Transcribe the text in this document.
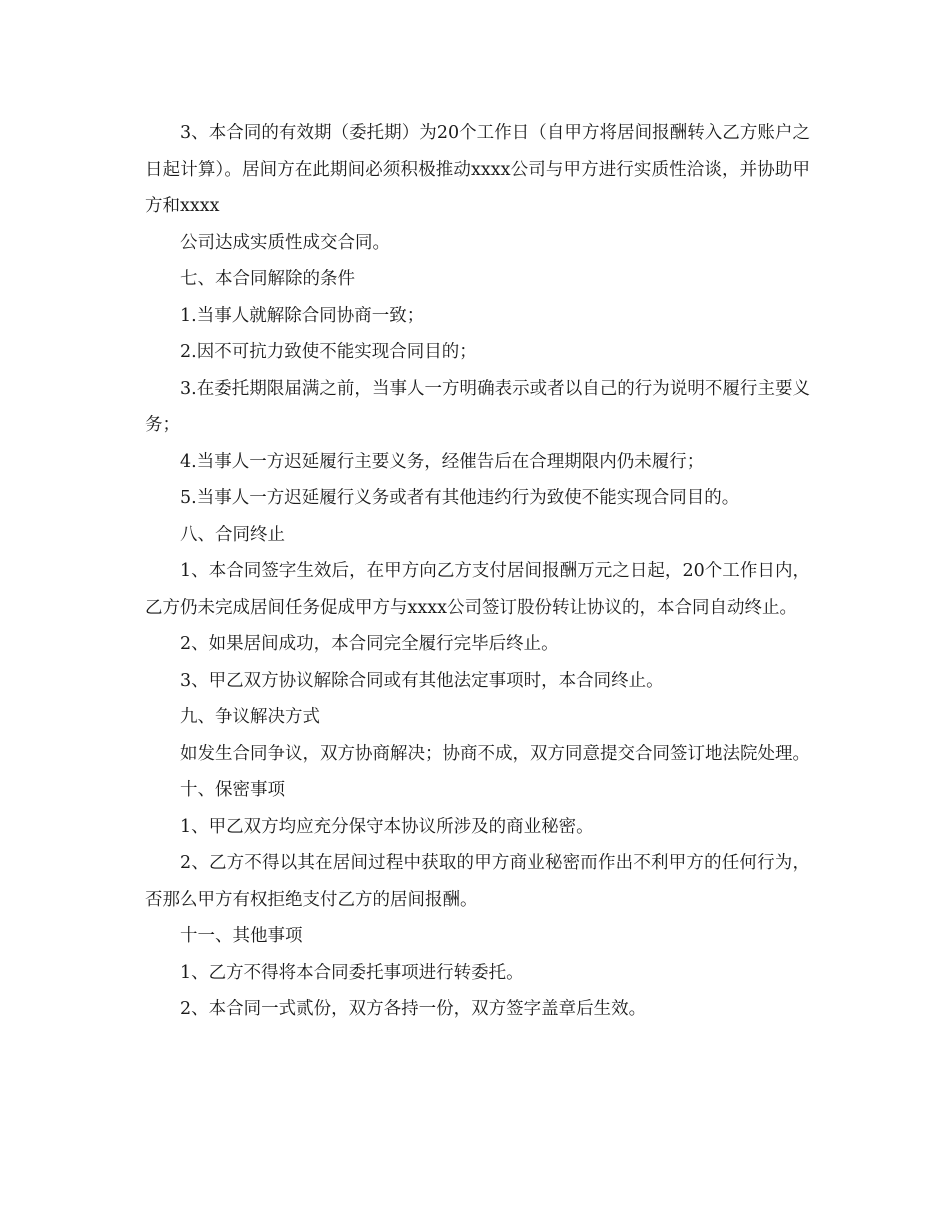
3、本合同的有效期（委托期）为20个工作日（自甲方将居间报酬转入乙方账户之日起计算）。居间方在此期间必须积极推动xxxx公司与甲方进行实质性洽谈，并协助甲方和xxxx

公司达成实质性成交合同。

七、本合同解除的条件

1.当事人就解除合同协商一致；

2.因不可抗力致使不能实现合同目的；

3.在委托期限届满之前，当事人一方明确表示或者以自己的行为说明不履行主要义务；

4.当事人一方迟延履行主要义务，经催告后在合理期限内仍未履行；

5.当事人一方迟延履行义务或者有其他违约行为致使不能实现合同目的。

八、合同终止

1、本合同签字生效后，在甲方向乙方支付居间报酬万元之日起，20个工作日内，乙方仍未完成居间任务促成甲方与xxxx公司签订股份转让协议的，本合同自动终止。

2、如果居间成功，本合同完全履行完毕后终止。

3、甲乙双方协议解除合同或有其他法定事项时，本合同终止。

九、争议解决方式

如发生合同争议，双方协商解决；协商不成，双方同意提交合同签订地法院处理。

十、保密事项

1、甲乙双方均应充分保守本协议所涉及的商业秘密。

2、乙方不得以其在居间过程中获取的甲方商业秘密而作出不利甲方的任何行为，否那么甲方有权拒绝支付乙方的居间报酬。

十一、其他事项

1、乙方不得将本合同委托事项进行转委托。

2、本合同一式贰份，双方各持一份，双方签字盖章后生效。
